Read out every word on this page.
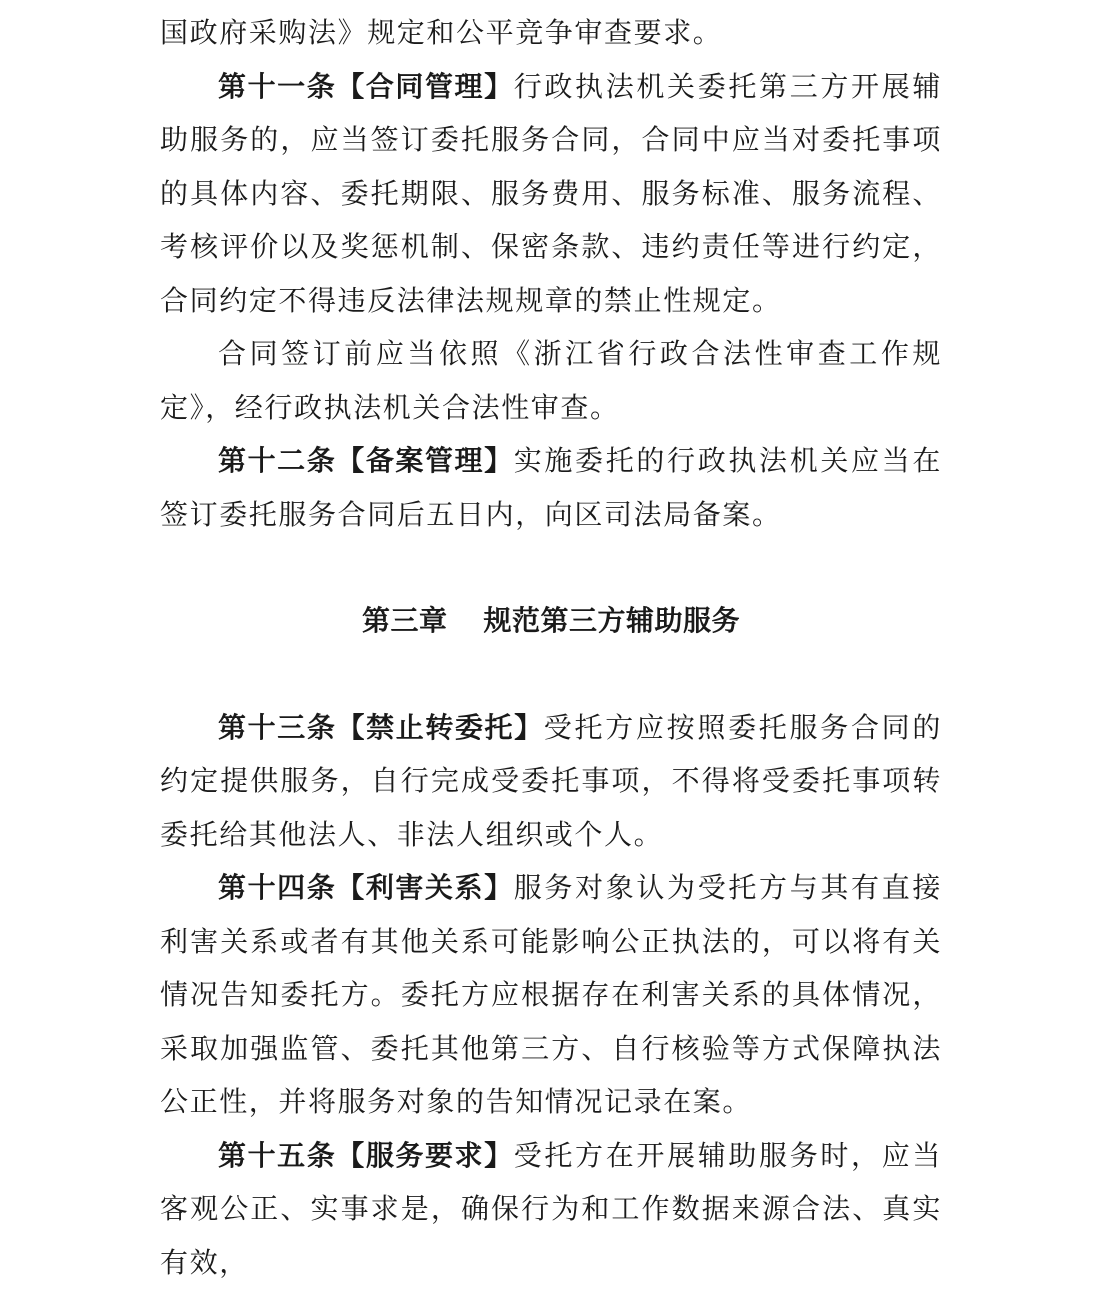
国政府采购法》规定和公平竞争审查要求。

第十一条【合同管理】行政执法机关委托第三方开展辅助服务的，应当签订委托服务合同，合同中应当对委托事项的具体内容、委托期限、服务费用、服务标准、服务流程、考核评价以及奖惩机制、保密条款、违约责任等进行约定，合同约定不得违反法律法规规章的禁止性规定。

合同签订前应当依照《浙江省行政合法性审查工作规定》，经行政执法机关合法性审查。

第十二条【备案管理】实施委托的行政执法机关应当在签订委托服务合同后五日内，向区司法局备案。

第三章 规范第三方辅助服务

第十三条【禁止转委托】受托方应按照委托服务合同的约定提供服务，自行完成受委托事项，不得将受委托事项转委托给其他法人、非法人组织或个人。

第十四条【利害关系】服务对象认为受托方与其有直接利害关系或者有其他关系可能影响公正执法的，可以将有关情况告知委托方。委托方应根据存在利害关系的具体情况，采取加强监管、委托其他第三方、自行核验等方式保障执法公正性，并将服务对象的告知情况记录在案。

第十五条【服务要求】受托方在开展辅助服务时，应当客观公正、实事求是，确保行为和工作数据来源合法、真实有效，
